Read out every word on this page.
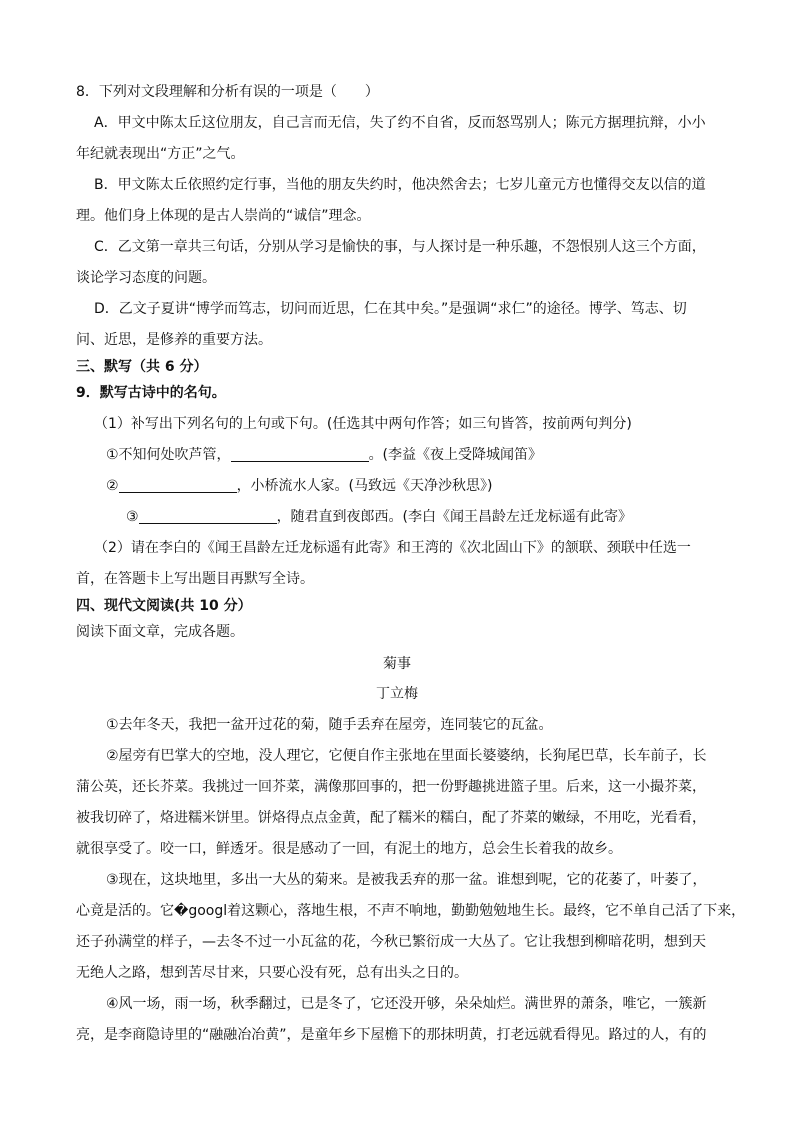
8．下列对文段理解和分析有误的一项是（　　）
A．甲文中陈太丘这位朋友，自己言而无信，失了约不自省，反而怒骂别人；陈元方据理抗辩，小小
年纪就表现出“方正”之气。
B．甲文陈太丘依照约定行事，当他的朋友失约时，他决然舍去；七岁儿童元方也懂得交友以信的道
理。他们身上体现的是古人崇尚的“诚信”理念。
C．乙文第一章共三句话，分别从学习是愉快的事，与人探讨是一种乐趣，不怨恨别人这三个方面，
谈论学习态度的问题。
D．乙文子夏讲“博学而笃志，切问而近思，仁在其中矣。”是强调“求仁”的途径。博学、笃志、切
问、近思，是修养的重要方法。
三、默写（共 6 分）
9．默写古诗中的名句。
（1）补写出下列名句的上句或下句。(任选其中两句作答；如三句皆答，按前两句判分)
①不知何处吹芦管，	。(李益《夜上受降城闻笛》
②	，小桥流水人家。(马致远《天净沙秋思》)
③	，随君直到夜郎西。(李白《闻王昌龄左迁龙标遥有此寄》
（2）请在李白的《闻王昌龄左迁龙标遥有此寄》和王湾的《次北固山下》的颔联、颈联中任选一
首，在答题卡上写出题目再默写全诗。
四、现代文阅读(共 10 分）
阅读下面文章，完成各题。
菊事
丁立梅
①去年冬天，我把一盆开过花的菊，随手丢弃在屋旁，连同装它的瓦盆。
②屋旁有巴掌大的空地，没人理它，它便自作主张地在里面长婆婆纳，长狗尾巴草，长车前子，长
蒲公英，还长芥菜。我挑过一回芥菜，满像那回事的，把一份野趣挑进篮子里。后来，这一小撮芥菜，
被我切碎了，烙进糯米饼里。饼烙得点点金黄，配了糯米的糯白，配了芥菜的嫩绿，不用吃，光看看，
就很享受了。咬一口，鲜透牙。很是感动了一回，有泥土的地方，总会生长着我的故乡。
③现在，这块地里，多出一大丛的菊来。是被我丢弃的那一盆。谁想到呢，它的花萎了，叶萎了，
心竟是活的。它�googl着这颗心，落地生根，不声不响地，勤勤勉勉地生长。最终，它不单自己活了下来，
还子孙满堂的样子，—去冬不过一小瓦盆的花，今秋已繁衍成一大丛了。它让我想到柳暗花明，想到天
无绝人之路，想到苦尽甘来，只要心没有死，总有出头之日的。
④风一场，雨一场，秋季翻过，已是冬了，它还没开够，朵朵灿烂。满世界的萧条，唯它，一簇新
亮，是李商隐诗里的“融融冶冶黄”，是童年乡下屋檐下的那抹明黄，打老远就看得见。路过的人，有的
